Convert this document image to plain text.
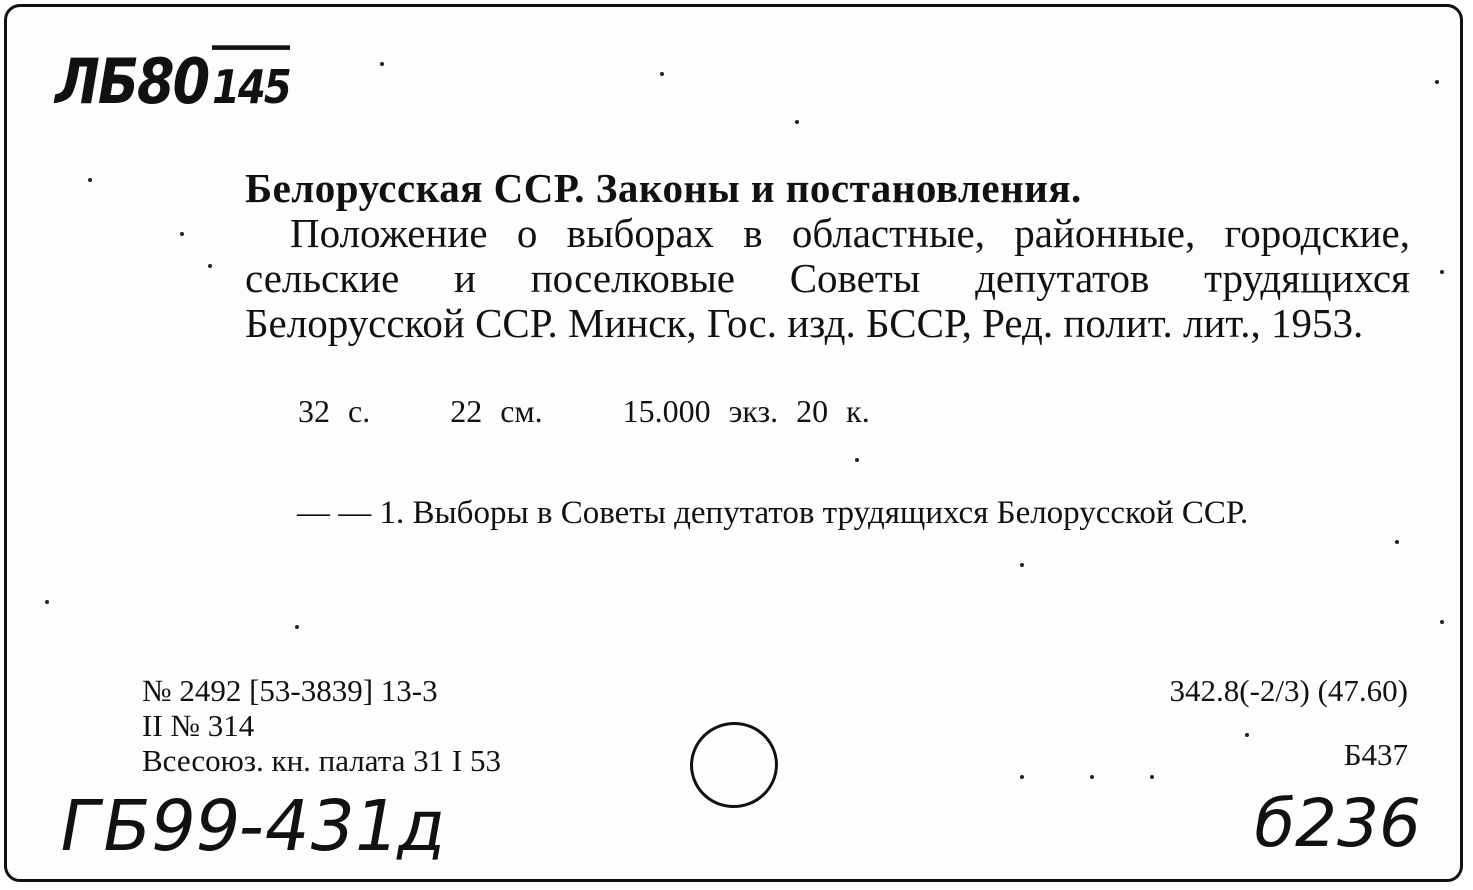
ЛБ80 145
Белорусская ССР. Законы и постановления.
Положение о выборах в областные, районные, городские, сельские и поселковые Советы депутатов трудящихся Белорусской ССР. Минск, Гос. изд. БССР, Ред. полит. лит., 1953.
32 с.	22 см.	15.000 экз. 20 к.
— — 1. Выборы в Советы депутатов трудящихся Белорусской ССР.
№ 2492 [53-3839] 13-3
II № 314
Всесоюз. кн. палата 31 I 53
342.8(-2/3) (47.60)
Б437
ГБ99-431д	б236
